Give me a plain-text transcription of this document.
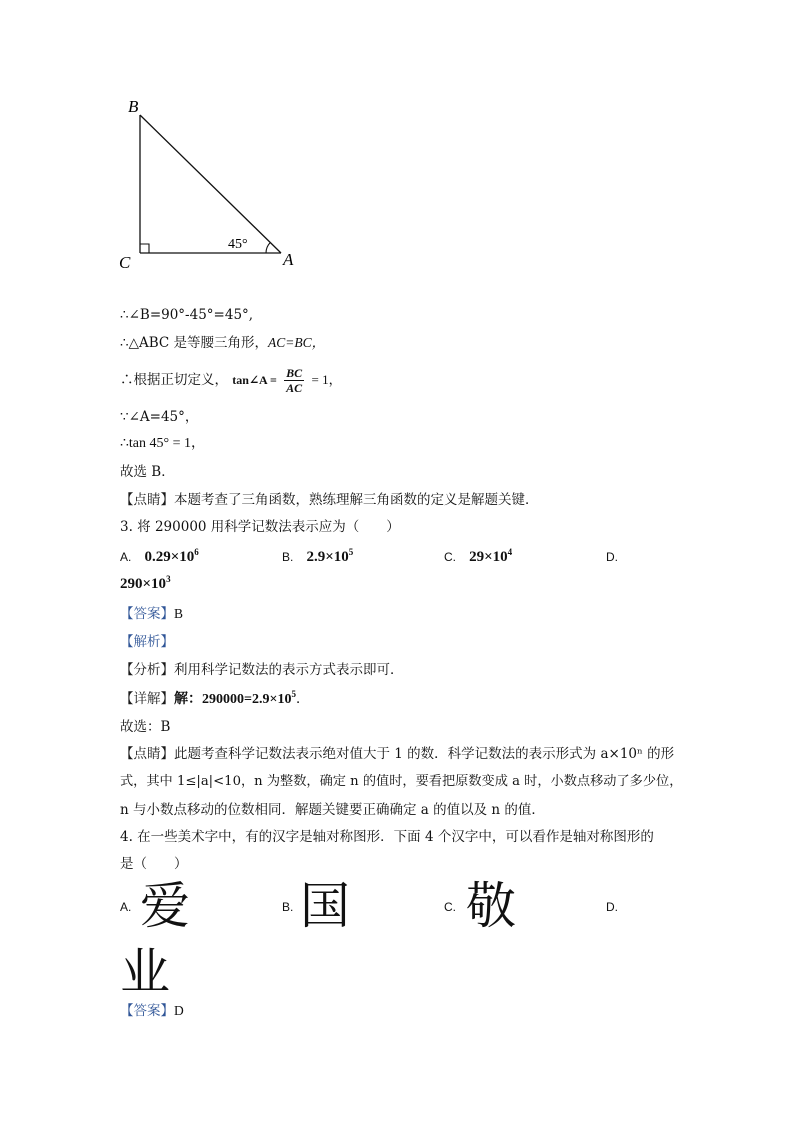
B
C	A
45°
∴∠B=90°-45°=45°,
∴△ABC 是等腰三角形，AC=BC，
∴根据正切定义， tan∠A = $\frac{BC}{AC} = 1$，
∵∠A=45°，
∴tan 45° = 1，
故选 B．
【点睛】本题考查了三角函数，熟练理解三角函数的定义是解题关键．
3. 将 290000 用科学记数法表示应为（　　）
A. $0.29\times 10^6$	B. $2.9\times 10^5$	C. $29\times 10^4$	D.
$290\times 10^3$
【答案】B
【解析】
【分析】利用科学记数法的表示方式表示即可．
【详解】解：$290000=2.9\times 10^5$．
故选：B
【点睛】此题考查科学记数法表示绝对值大于 1 的数．科学记数法的表示形式为 a×10ⁿ 的形
式，其中 1≤|a|<10，n 为整数，确定 n 的值时，要看把原数变成 a 时，小数点移动了多少位，
n 与小数点移动的位数相同．解题关键要正确确定 a 的值以及 n 的值．
4. 在一些美术字中，有的汉字是轴对称图形．下面 4 个汉字中，可以看作是轴对称图形的
是（　　）
A. 爱	B. 国	C. 敬	D.
业
【答案】D
